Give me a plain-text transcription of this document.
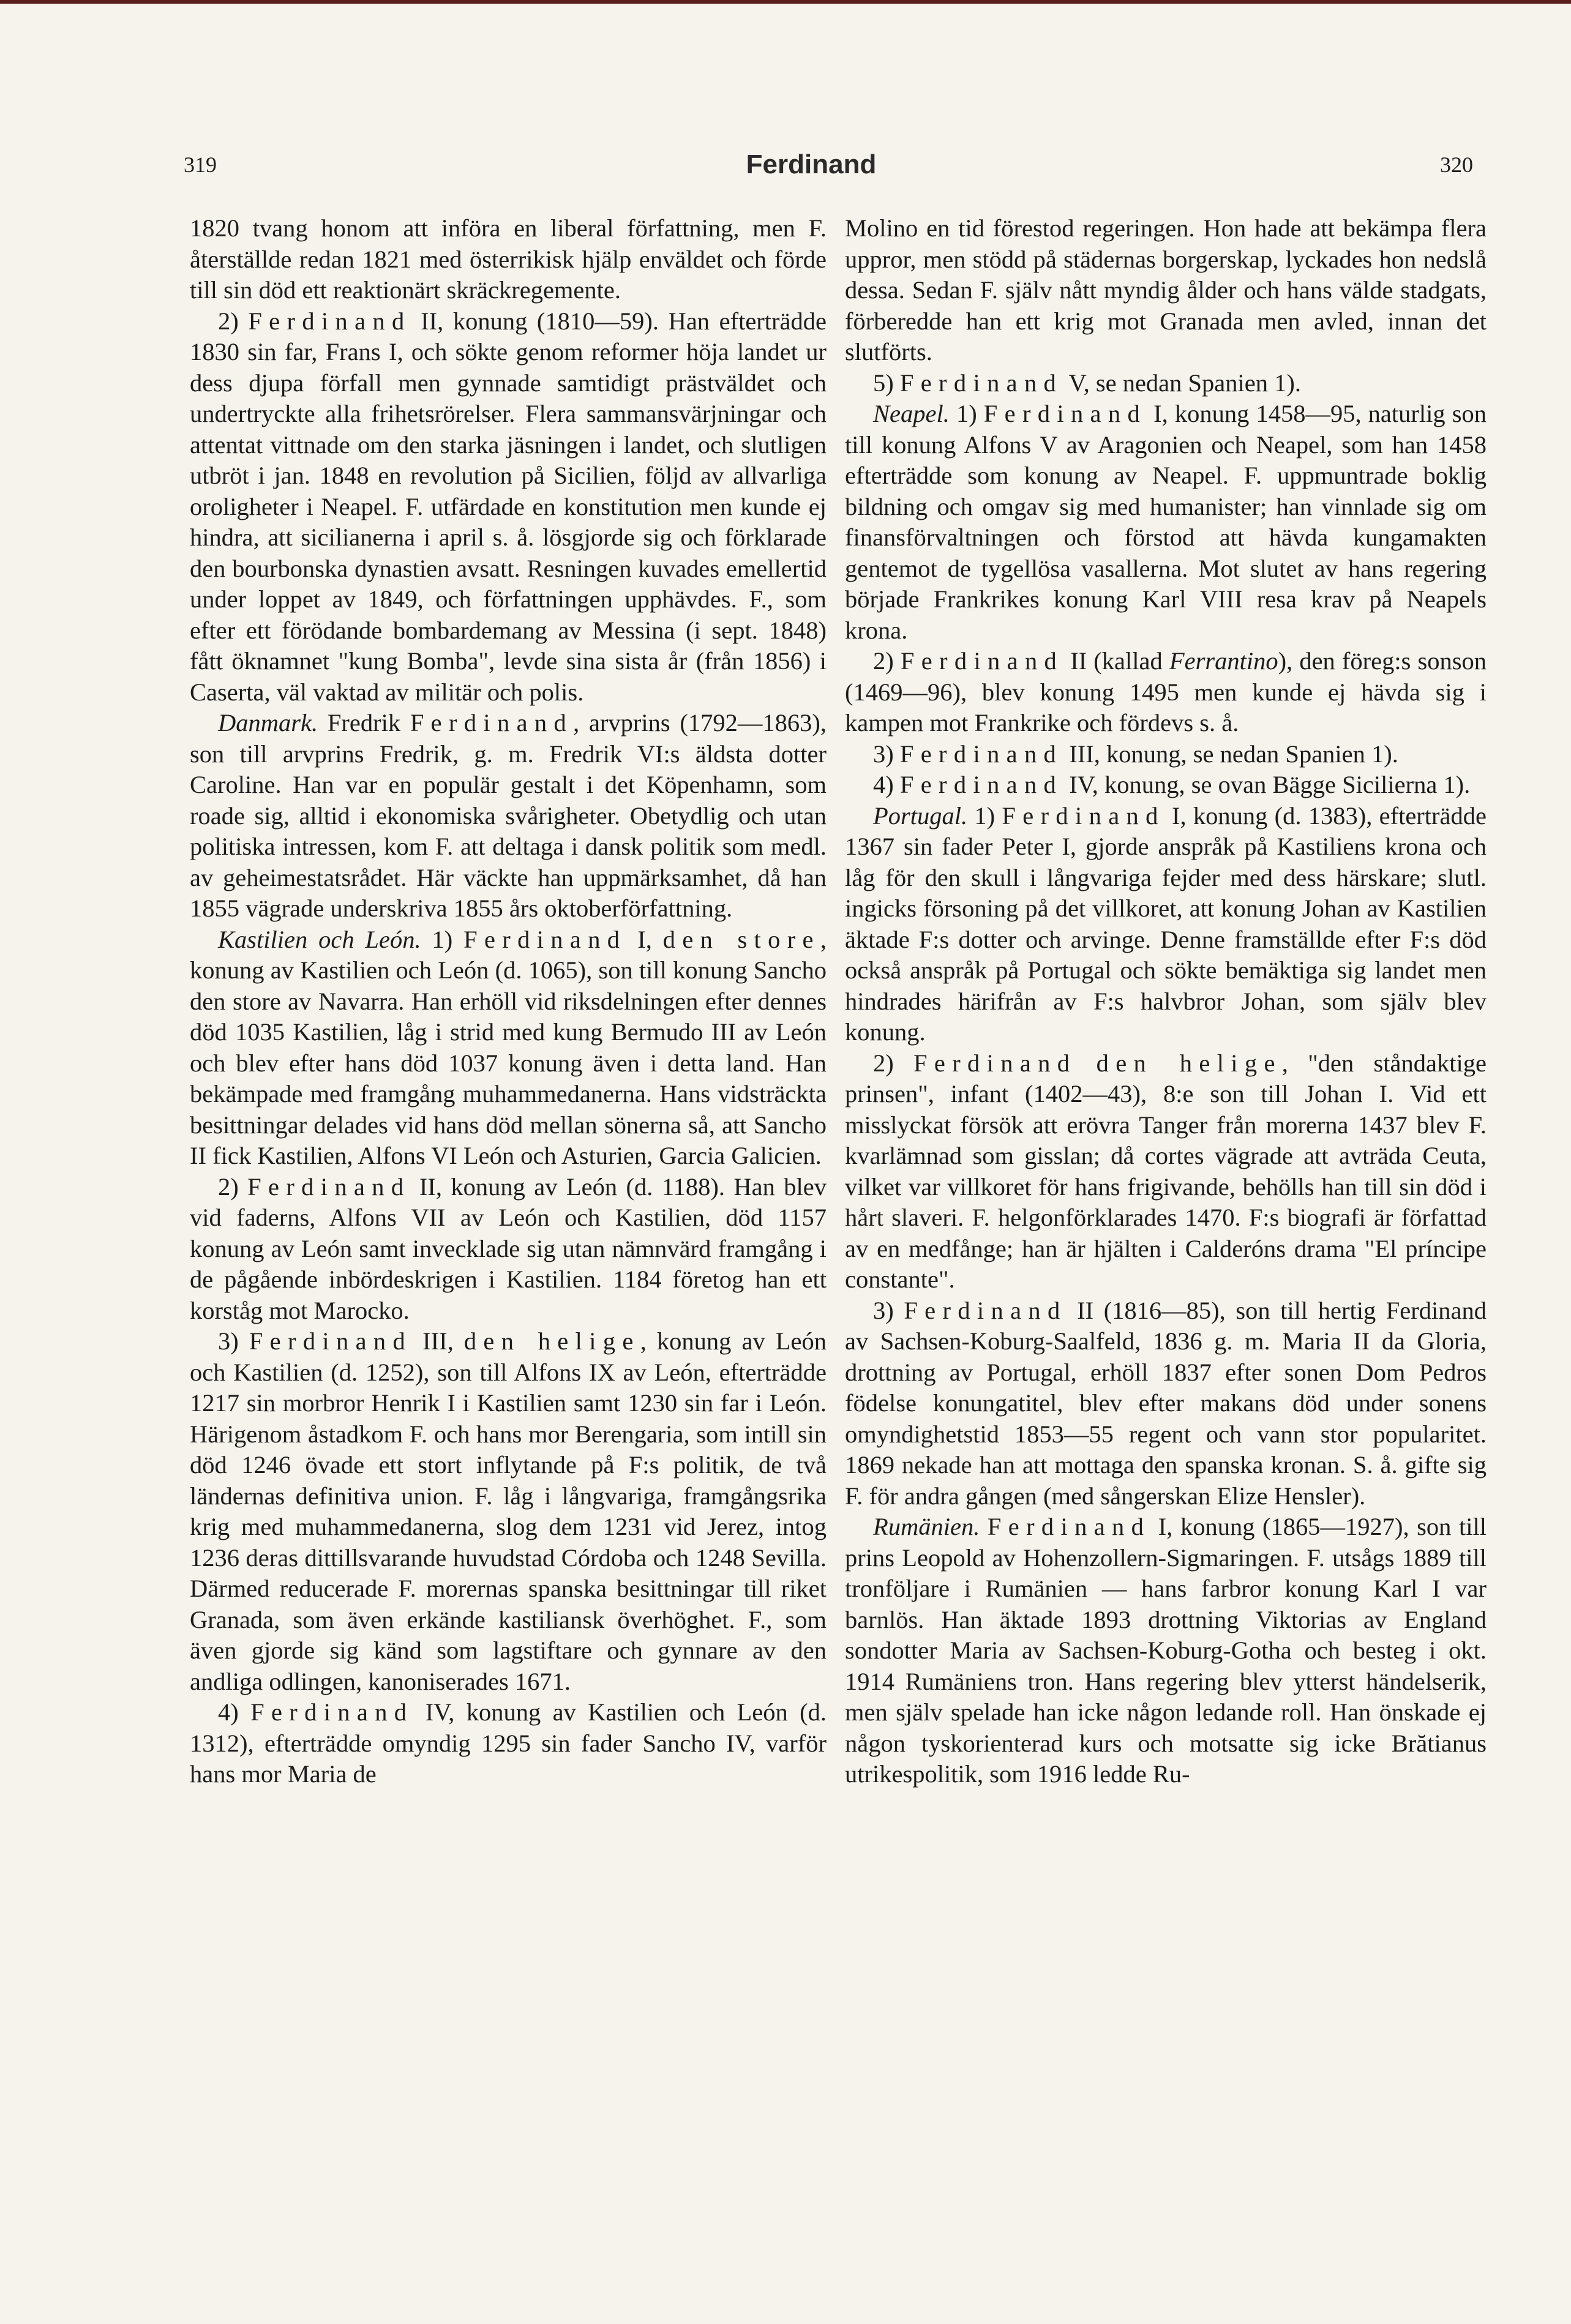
319	Ferdinand	320

1820 tvang honom att införa en liberal författning, men F. återställde redan 1821 med österrikisk hjälp enväldet och förde till sin död ett reaktionärt skräckregemente.

2) Ferdinand II, konung (1810—59). Han efterträdde 1830 sin far, Frans I, och sökte genom reformer höja landet ur dess djupa förfall men gynnade samtidigt prästväldet och undertryckte alla frihetsrörelser. Flera sammansvärjningar och attentat vittnade om den starka jäsningen i landet, och slutligen utbröt i jan. 1848 en revolution på Sicilien, följd av allvarliga oroligheter i Neapel. F. utfärdade en konstitution men kunde ej hindra, att sicilianerna i april s. å. lösgjorde sig och förklarade den bourbonska dynastien avsatt. Resningen kuvades emellertid under loppet av 1849, och författningen upphävdes. F., som efter ett förödande bombardemang av Messina (i sept. 1848) fått öknamnet "kung Bomba", levde sina sista år (från 1856) i Caserta, väl vaktad av militär och polis.

Danmark. Fredrik Ferdinand, arvprins (1792—1863), son till arvprins Fredrik, g. m. Fredrik VI:s äldsta dotter Caroline. Han var en populär gestalt i det Köpenhamn, som roade sig, alltid i ekonomiska svårigheter. Obetydlig och utan politiska intressen, kom F. att deltaga i dansk politik som medl. av geheimestatsrådet. Här väckte han uppmärksamhet, då han 1855 vägrade underskriva 1855 års oktoberförfattning.

Kastilien och León. 1) Ferdinand I, den store, konung av Kastilien och León (d. 1065), son till konung Sancho den store av Navarra. Han erhöll vid riksdelningen efter dennes död 1035 Kastilien, låg i strid med kung Bermudo III av León och blev efter hans död 1037 konung även i detta land. Han bekämpade med framgång muhammedanerna. Hans vidsträckta besittningar delades vid hans död mellan sönerna så, att Sancho II fick Kastilien, Alfons VI León och Asturien, Garcia Galicien.

2) Ferdinand II, konung av León (d. 1188). Han blev vid faderns, Alfons VII av León och Kastilien, död 1157 konung av León samt invecklade sig utan nämnvärd framgång i de pågående inbördeskrigen i Kastilien. 1184 företog han ett korståg mot Marocko.

3) Ferdinand III, den helige, konung av León och Kastilien (d. 1252), son till Alfons IX av León, efterträdde 1217 sin morbror Henrik I i Kastilien samt 1230 sin far i León. Härigenom åstadkom F. och hans mor Berengaria, som intill sin död 1246 övade ett stort inflytande på F:s politik, de två ländernas definitiva union. F. låg i långvariga, framgångsrika krig med muhammedanerna, slog dem 1231 vid Jerez, intog 1236 deras dittillsvarande huvudstad Córdoba och 1248 Sevilla. Därmed reducerade F. morernas spanska besittningar till riket Granada, som även erkände kastiliansk överhöghet. F., som även gjorde sig känd som lagstiftare och gynnare av den andliga odlingen, kanoniserades 1671.

4) Ferdinand IV, konung av Kastilien och León (d. 1312), efterträdde omyndig 1295 sin fader Sancho IV, varför hans mor Maria de

Molino en tid förestod regeringen. Hon hade att bekämpa flera uppror, men stödd på städernas borgerskap, lyckades hon nedslå dessa. Sedan F. själv nått myndig ålder och hans välde stadgats, förberedde han ett krig mot Granada men avled, innan det slutförts.

5) Ferdinand V, se nedan Spanien 1).

Neapel. 1) Ferdinand I, konung 1458—95, naturlig son till konung Alfons V av Aragonien och Neapel, som han 1458 efterträdde som konung av Neapel. F. uppmuntrade boklig bildning och omgav sig med humanister; han vinnlade sig om finansförvaltningen och förstod att hävda kungamakten gentemot de tygellösa vasallerna. Mot slutet av hans regering började Frankrikes konung Karl VIII resa krav på Neapels krona.

2) Ferdinand II (kallad Ferrantino), den föreg:s sonson (1469—96), blev konung 1495 men kunde ej hävda sig i kampen mot Frankrike och fördevs s. å.

3) Ferdinand III, konung, se nedan Spanien 1).

4) Ferdinand IV, konung, se ovan Bägge Sicilierna 1).

Portugal. 1) Ferdinand I, konung (d. 1383), efterträdde 1367 sin fader Peter I, gjorde anspråk på Kastiliens krona och låg för den skull i långvariga fejder med dess härskare; slutl. ingicks försoning på det villkoret, att konung Johan av Kastilien äktade F:s dotter och arvinge. Denne framställde efter F:s död också anspråk på Portugal och sökte bemäktiga sig landet men hindrades härifrån av F:s halvbror Johan, som själv blev konung.

2) Ferdinand den helige, "den ståndaktige prinsen", infant (1402—43), 8:e son till Johan I. Vid ett misslyckat försök att erövra Tanger från morerna 1437 blev F. kvarlämnad som gisslan; då cortes vägrade att avträda Ceuta, vilket var villkoret för hans frigivande, behölls han till sin död i hårt slaveri. F. helgonförklarades 1470. F:s biografi är författad av en medfånge; han är hjälten i Calderóns drama "El príncipe constante".

3) Ferdinand II (1816—85), son till hertig Ferdinand av Sachsen-Koburg-Saalfeld, 1836 g. m. Maria II da Gloria, drottning av Portugal, erhöll 1837 efter sonen Dom Pedros födelse konungatitel, blev efter makans död under sonens omyndighetstid 1853—55 regent och vann stor popularitet. 1869 nekade han att mottaga den spanska kronan. S. å. gifte sig F. för andra gången (med sångerskan Elize Hensler).

Rumänien. Ferdinand I, konung (1865—1927), son till prins Leopold av Hohenzollern-Sigmaringen. F. utsågs 1889 till tronföljare i Rumänien — hans farbror konung Karl I var barnlös. Han äktade 1893 drottning Viktorias av England sondotter Maria av Sachsen-Koburg-Gotha och besteg i okt. 1914 Rumäniens tron. Hans regering blev ytterst händelserik, men själv spelade han icke någon ledande roll. Han önskade ej någon tyskorienterad kurs och motsatte sig icke Brătianus utrikespolitik, som 1916 ledde Ru-
